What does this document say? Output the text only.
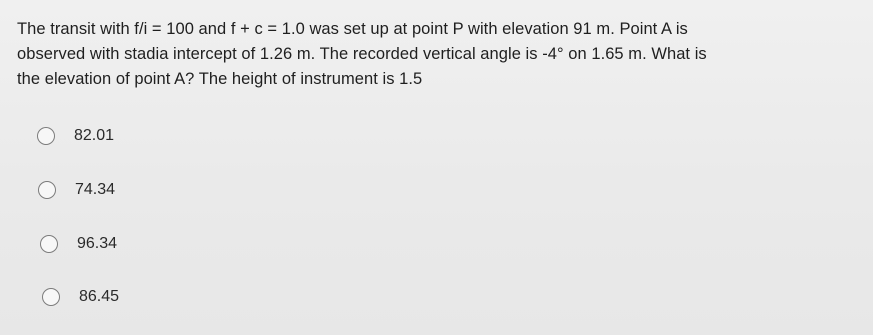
The transit with f/i = 100 and f + c = 1.0 was set up at point P with elevation 91 m. Point A is
observed with stadia intercept of 1.26 m. The recorded vertical angle is -4° on 1.65 m. What is
the elevation of point A? The height of instrument is 1.5
82.01
74.34
96.34
86.45
